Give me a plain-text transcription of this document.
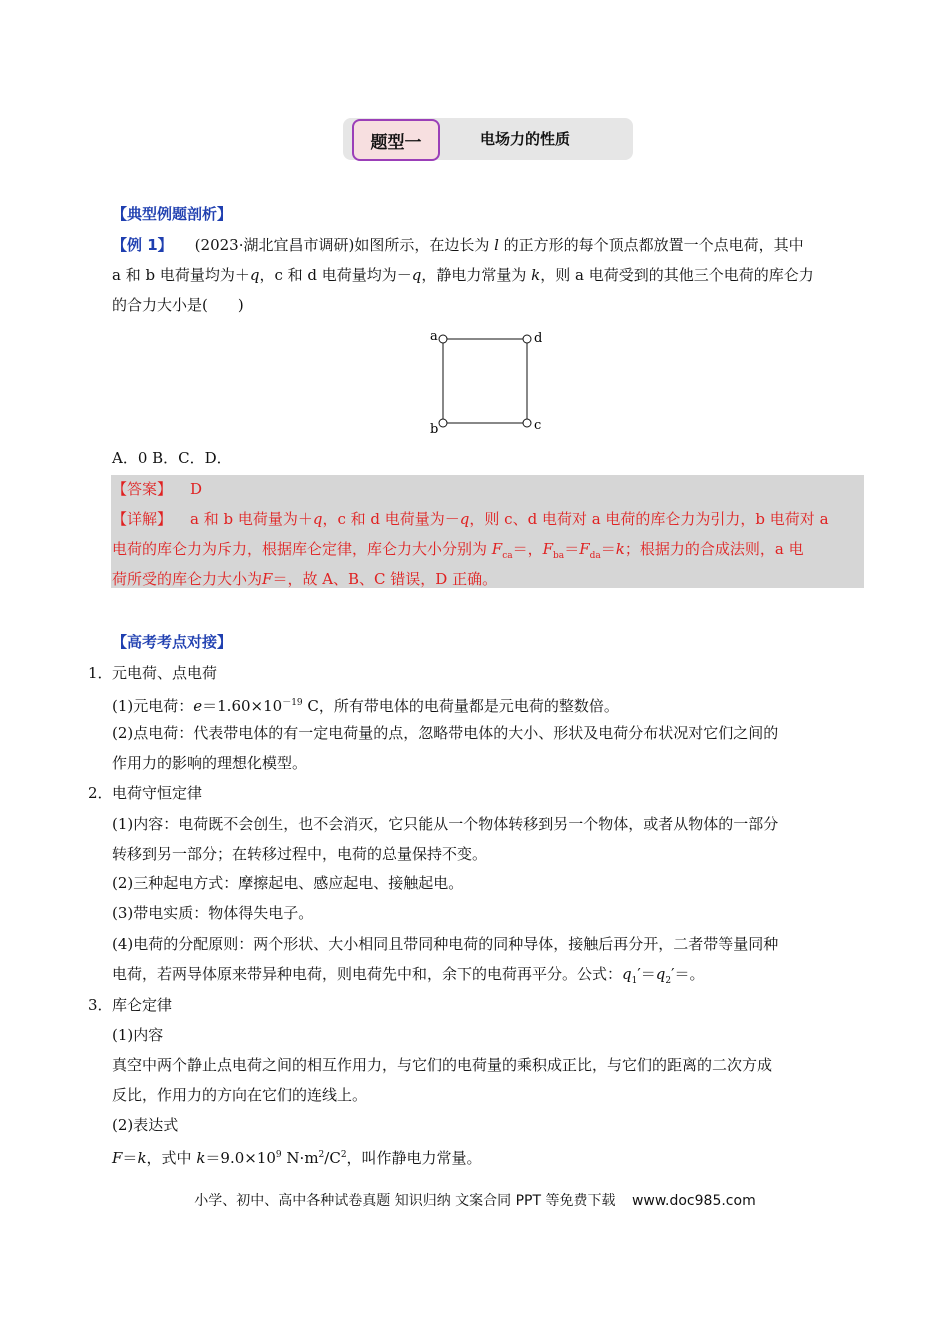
题型一	电场力的性质
【典型例题剖析】
【例 1】 (2023·湖北宜昌市调研)如图所示，在边长为 l 的正方形的每个顶点都放置一个点电荷，其中
a 和 b 电荷量均为＋q，c 和 d 电荷量均为－q，静电力常量为 k，则 a 电荷受到的其他三个电荷的库仑力
的合力大小是(　　)
a	d
b	c
A．0 B．C．D．
【答案】 D
【详解】 a 和 b 电荷量为＋q，c 和 d 电荷量为－q，则 c、d 电荷对 a 电荷的库仑力为引力，b 电荷对 a
电荷的库仑力为斥力，根据库仑定律，库仑力大小分别为 $F_{ca}=$，$F_{ba}=F_{da}=k$；根据力的合成法则，a 电
荷所受的库仑力大小为F＝，故 A、B、C 错误，D 正确。
【高考考点对接】
1． 元电荷、点电荷
(1)元电荷：$e=1.60\times 10^{-19}$ C，所有带电体的电荷量都是元电荷的整数倍。
(2)点电荷：代表带电体的有一定电荷量的点，忽略带电体的大小、形状及电荷分布状况对它们之间的
作用力的影响的理想化模型。
2． 电荷守恒定律
(1)内容：电荷既不会创生，也不会消灭，它只能从一个物体转移到另一个物体，或者从物体的一部分
转移到另一部分；在转移过程中，电荷的总量保持不变。
(2)三种起电方式：摩擦起电、感应起电、接触起电。
(3)带电实质：物体得失电子。
(4)电荷的分配原则：两个形状、大小相同且带同种电荷的同种导体，接触后再分开，二者带等量同种
电荷，若两导体原来带异种电荷，则电荷先中和，余下的电荷再平分。公式：$q_1'=q_2'=$。
3． 库仑定律
(1)内容
真空中两个静止点电荷之间的相互作用力，与它们的电荷量的乘积成正比，与它们的距离的二次方成
反比，作用力的方向在它们的连线上。
(2)表达式
F＝k，式中 $k=9.0\times 10^9$ $N\cdot m^2/C^2$，叫作静电力常量。
小学、初中、高中各种试卷真题 知识归纳 文案合同 PPT 等免费下载 www.doc985.com
